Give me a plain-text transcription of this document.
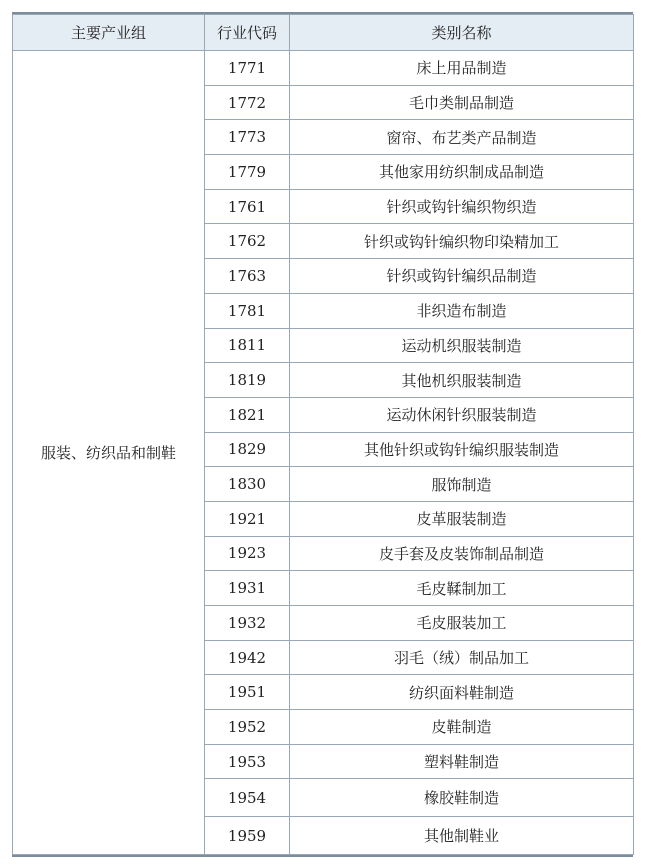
主要产业组	行业代码	类别名称
服装、纺织品和制鞋	1771	床上用品制造
	1772	毛巾类制品制造
	1773	窗帘、布艺类产品制造
	1779	其他家用纺织制成品制造
	1761	针织或钩针编织物织造
	1762	针织或钩针编织物印染精加工
	1763	针织或钩针编织品制造
	1781	非织造布制造
	1811	运动机织服装制造
	1819	其他机织服装制造
	1821	运动休闲针织服装制造
	1829	其他针织或钩针编织服装制造
	1830	服饰制造
	1921	皮革服装制造
	1923	皮手套及皮装饰制品制造
	1931	毛皮鞣制加工
	1932	毛皮服装加工
	1942	羽毛（绒）制品加工
	1951	纺织面料鞋制造
	1952	皮鞋制造
	1953	塑料鞋制造
	1954	橡胶鞋制造
	1959	其他制鞋业
